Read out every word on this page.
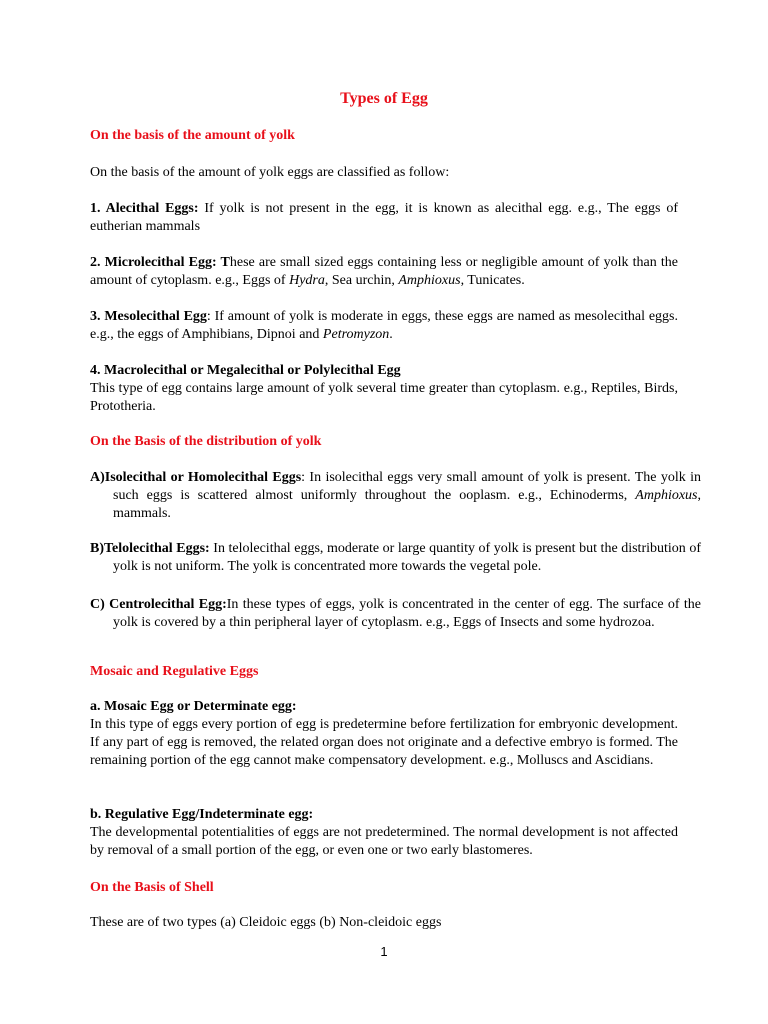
Types of Egg
On the basis of the amount of yolk
On the basis of the amount of yolk eggs are classified as follow:
1. Alecithal Eggs: If yolk is not present in the egg, it is known as alecithal egg. e.g., The eggs of eutherian mammals
2. Microlecithal Egg: These are small sized eggs containing less or negligible amount of yolk than the amount of cytoplasm. e.g., Eggs of Hydra, Sea urchin, Amphioxus, Tunicates.
3. Mesolecithal Egg: If amount of yolk is moderate in eggs, these eggs are named as mesolecithal eggs. e.g., the eggs of Amphibians, Dipnoi and Petromyzon.
4. Macrolecithal or Megalecithal or Polylecithal Egg
This type of egg contains large amount of yolk several time greater than cytoplasm. e.g., Reptiles, Birds, Prototheria.
On the Basis of the distribution of yolk
A)Isolecithal or Homolecithal Eggs: In isolecithal eggs very small amount of yolk is present. The yolk in such eggs is scattered almost uniformly throughout the ooplasm. e.g., Echinoderms, Amphioxus, mammals.
B)Telolecithal Eggs: In telolecithal eggs, moderate or large quantity of yolk is present but the distribution of yolk is not uniform. The yolk is concentrated more towards the vegetal pole.
C) Centrolecithal Egg:In these types of eggs, yolk is concentrated in the center of egg. The surface of the yolk is covered by a thin peripheral layer of cytoplasm. e.g., Eggs of Insects and some hydrozoa.
Mosaic and Regulative Eggs
a. Mosaic Egg or Determinate egg:
In this type of eggs every portion of egg is predetermine before fertilization for embryonic development. If any part of egg is removed, the related organ does not originate and a defective embryo is formed. The remaining portion of the egg cannot make compensatory development. e.g., Molluscs and Ascidians.
b. Regulative Egg/Indeterminate egg:
The developmental potentialities of eggs are not predetermined. The normal development is not affected by removal of a small portion of the egg, or even one or two early blastomeres.
On the Basis of Shell
These are of two types (a) Cleidoic eggs (b) Non-cleidoic eggs
1
